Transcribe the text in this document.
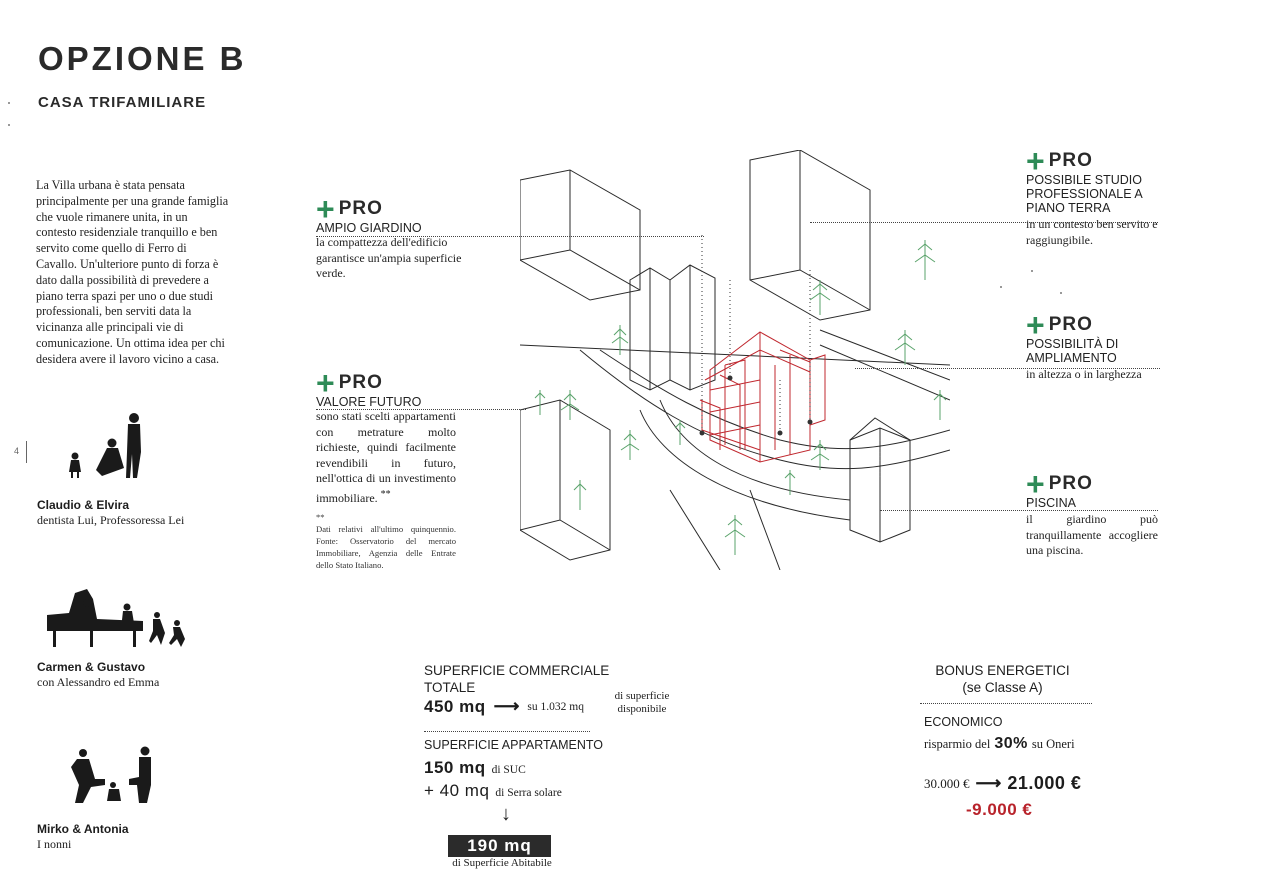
OPZIONE B
CASA TRIFAMILIARE
4
La Villa urbana è stata pensata principalmente per una grande famiglia che vuole rimanere unita, in un contesto residenziale tranquillo e ben servito come quello di Ferro di Cavallo. Un'ulteriore punto di forza è dato dalla possibilità di prevedere a piano terra spazi per uno o due studi professionali, ben serviti data la vicinanza alle principali vie di comunicazione. Un ottima idea per chi desidera avere il lavoro vicino a casa.
Claudio & Elvira
dentista Lui, Professoressa Lei
Carmen & Gustavo
con Alessandro ed Emma
Mirko & Antonia
I nonni
+ PRO
AMPIO GIARDINO
la compattezza dell'edificio garantisce un'ampia superficie verde.
+ PRO
VALORE FUTURO
sono stati scelti appartamenti con metrature molto richieste, quindi facilmente revendibili in futuro, nell'ottica di un investimento immobiliare. **
**
Dati relativi all'ultimo quinquennio. Fonte: Osservatorio del mercato Immobiliare, Agenzia delle Entrate dello Stato Italiano.
+ PRO
POSSIBILE STUDIO PROFESSIONALE A PIANO TERRA
in un contesto ben servito e raggiungibile.
+ PRO
POSSIBILITÀ DI AMPLIAMENTO
in altezza o in larghezza
+ PRO
PISCINA
il giardino può tranquillamente accogliere una piscina.
SUPERFICIE COMMERCIALE TOTALE
450 mq ⟶ su 1.032 mq
di superficie
disponibile
SUPERFICIE APPARTAMENTO
150 mq di SUC
+ 40 mq di Serra solare
↓
190 mq
di Superficie Abitabile
BONUS ENERGETICI
(se Classe A)
ECONOMICO
risparmio del 30% su Oneri
30.000 € ⟶ 21.000 €
-9.000 €
